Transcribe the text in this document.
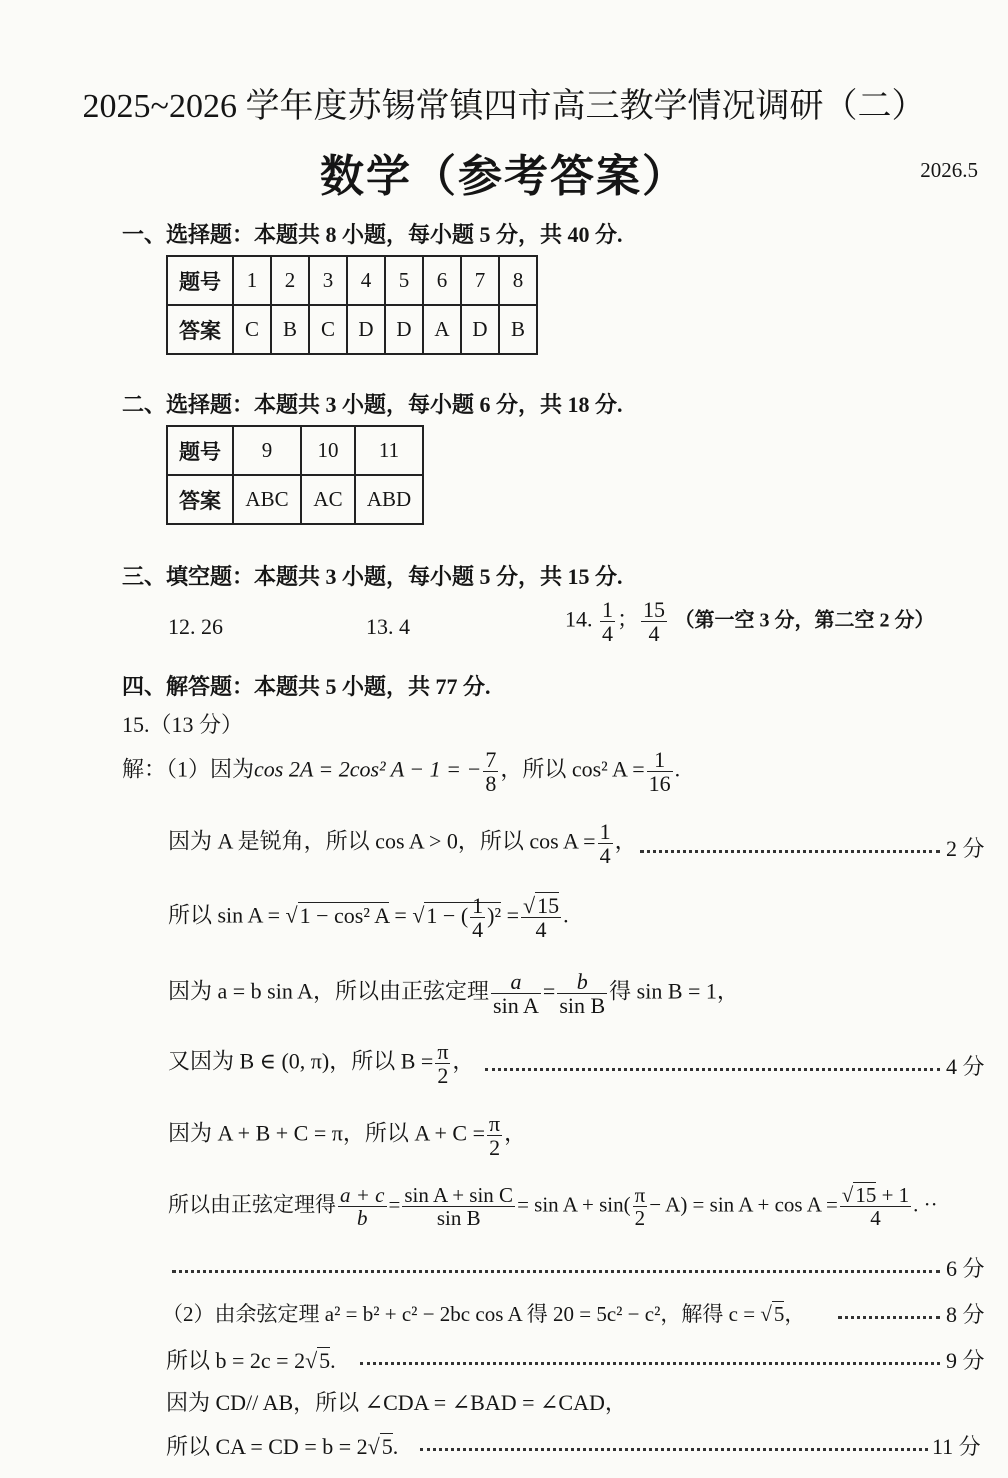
2025~2026 学年度苏锡常镇四市高三教学情况调研（二）
数学（参考答案）	2026.5
一、选择题：本题共 8 小题，每小题 5 分，共 40 分.
题号	1	2	3	4	5	6	7	8
答案	C	B	C	D	D	A	D	B
二、选择题：本题共 3 小题，每小题 6 分，共 18 分.
题号	9	10	11
答案	ABC	AC	ABD
三、填空题：本题共 3 小题，每小题 5 分，共 15 分.
12. 26	13. 4	14. $\frac{1}{4}$ ； $\frac{15}{4}$ （第一空 3 分，第二空 2 分）
四、解答题：本题共 5 小题，共 77 分.
15.（13 分）
解：（1）因为cos 2A = 2cos² A − 1 = − $\frac{7}{8}$ ，所以 cos² $A = \frac{1}{16}$ .
因为 A 是锐角，所以 cos A > 0，所以 $\cos A = \frac{1}{4}$ ，	2 分
所以 sin A = √1 − cos² A = √1 − ( $\frac{1}{4} )^2 = \frac{√15}{4}$ .
因为 a = b sin A，所以由正弦定理 $\frac{a}{\text{sin A}} = \frac{b}{\text{sin B}}$ 得 sin B = 1，
又因为 B ∈ (0, π)，所以 $B = \frac{\pi}{2}$ ，	4 分
因为 A + B + C = π，所以 $A + C = \frac{\pi}{2}$ ，
所以由正弦定理得 $\frac{a + c}{b} = \frac{\text{sin A + sin C}}{\text{sin B}} = \sin A + \sin( \frac{\pi}{2} - A) = \sin A + \cos A = \frac{√15 + 1}{4}$ . ··
6 分
（2）由余弦定理 a² = b² + c² − 2bc cos A 得 20 = 5c² − c²，解得 c = √5，	8 分
所以 b = 2c = 2√5.	9 分
因为 CD// AB，所以 ∠CDA = ∠BAD = ∠CAD，
所以 CA = CD = b = 2√5.	11 分
